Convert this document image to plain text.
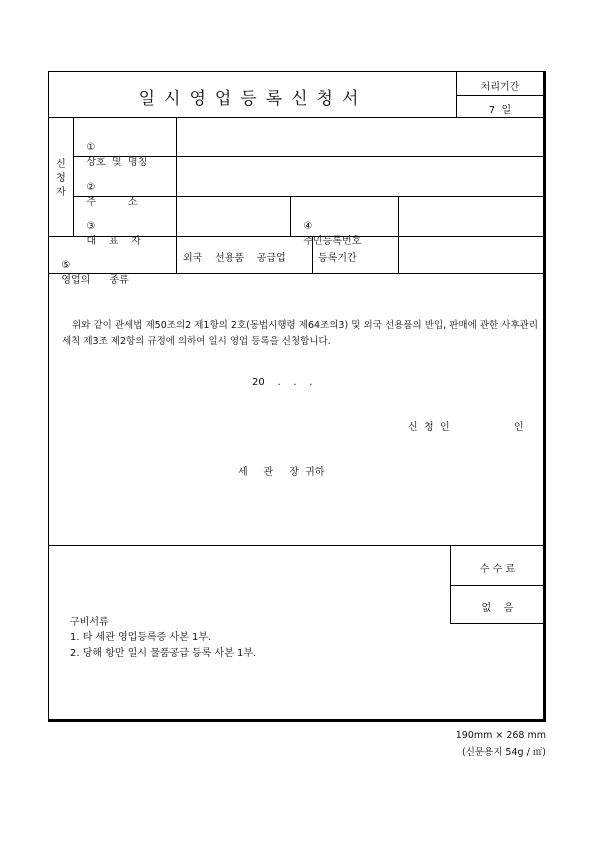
일시영업등록신청서
처리기간
7  일
신
청
자

①
상호  및  명칭

②
주          소

③
대    표    자

④
주민등록번호

⑤
영업의      종류

외국    선용품    공급업	등록기간
위와 같이 관세법 제50조의2 제1항의 2호(동법시행령 제64조의3) 및 외국 선용품의 반입, 판매에 관한 사후관리 세칙 제3조 제2항의 규정에 의하여 일시 영업 등록을 신청합니다.
20    .    .    .
신  청  인	인
세     관     장  귀하
수 수 료
없    음
구비서류
1. 타 세관 영업등록증 사본 1부.
2. 당해 항만 일시 물품공급 등록 사본 1부.
190mm × 268 mm
(신문용지 54g / ㎡)
